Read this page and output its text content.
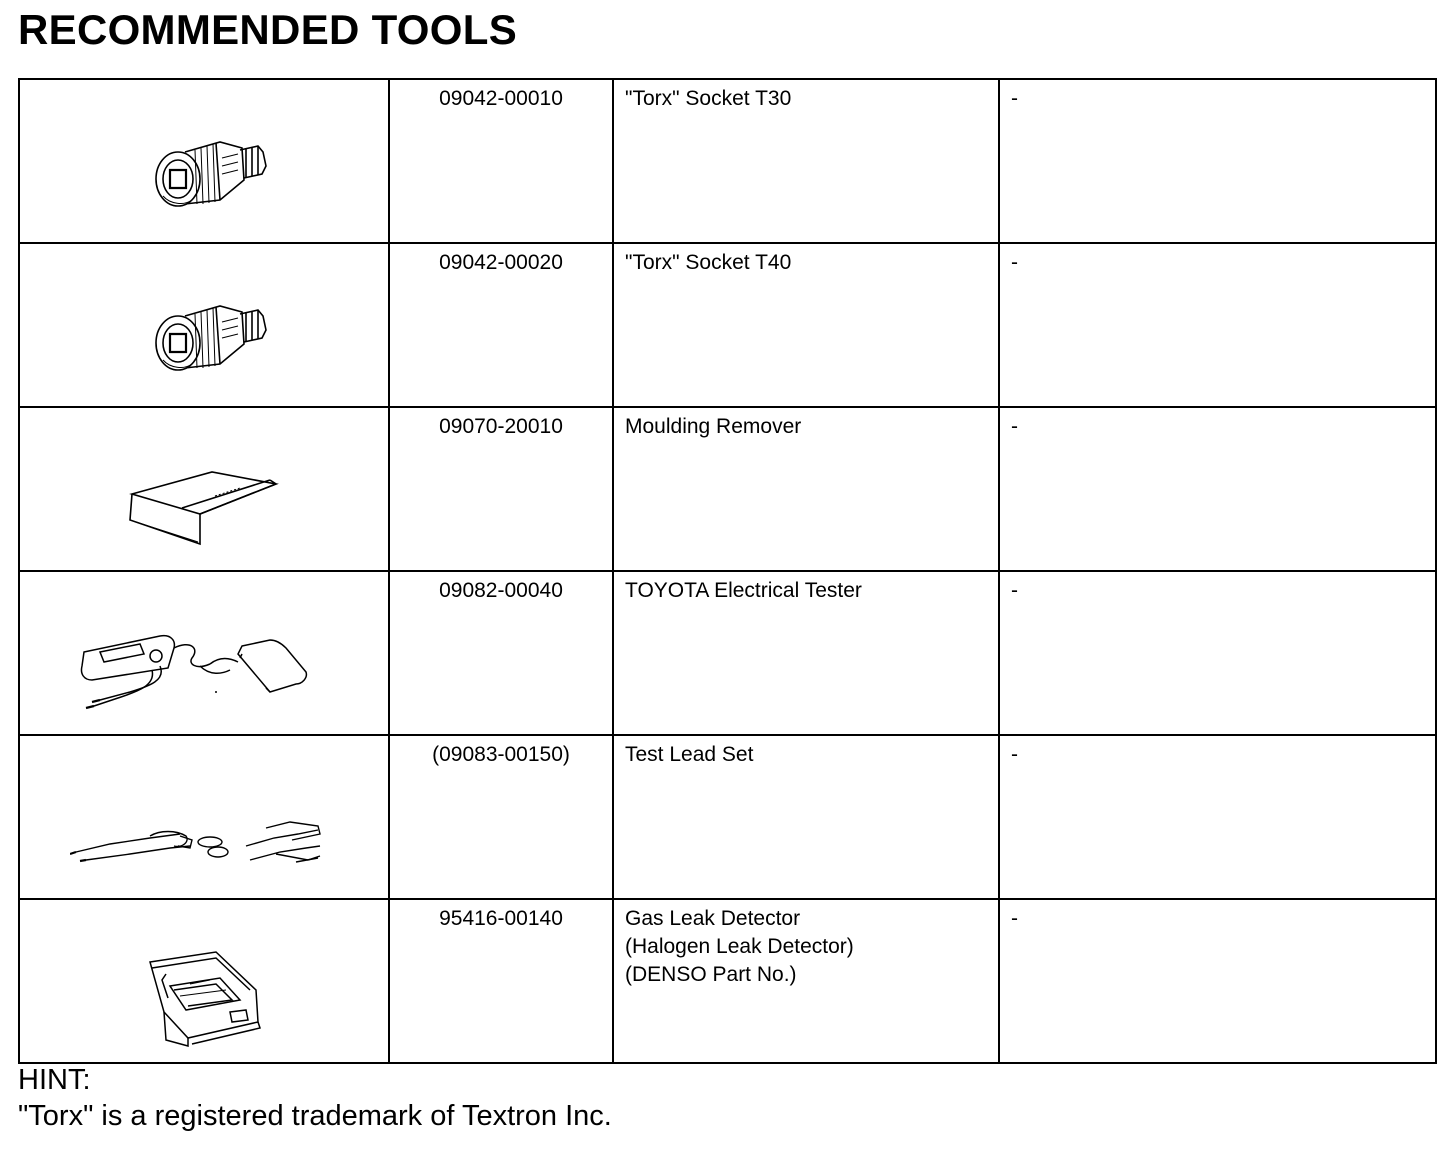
RECOMMENDED TOOLS
	09042-00010	"Torx" Socket T30	-

	09042-00020	"Torx" Socket T40	-

	09070-20010	Moulding Remover	-

	09082-00040	TOYOTA Electrical Tester	-

	(09083-00150)	Test Lead Set	-

	95416-00140	Gas Leak Detector
(Halogen Leak Detector)
(DENSO Part No.)	-
HINT:
"Torx" is a registered trademark of Textron Inc.
